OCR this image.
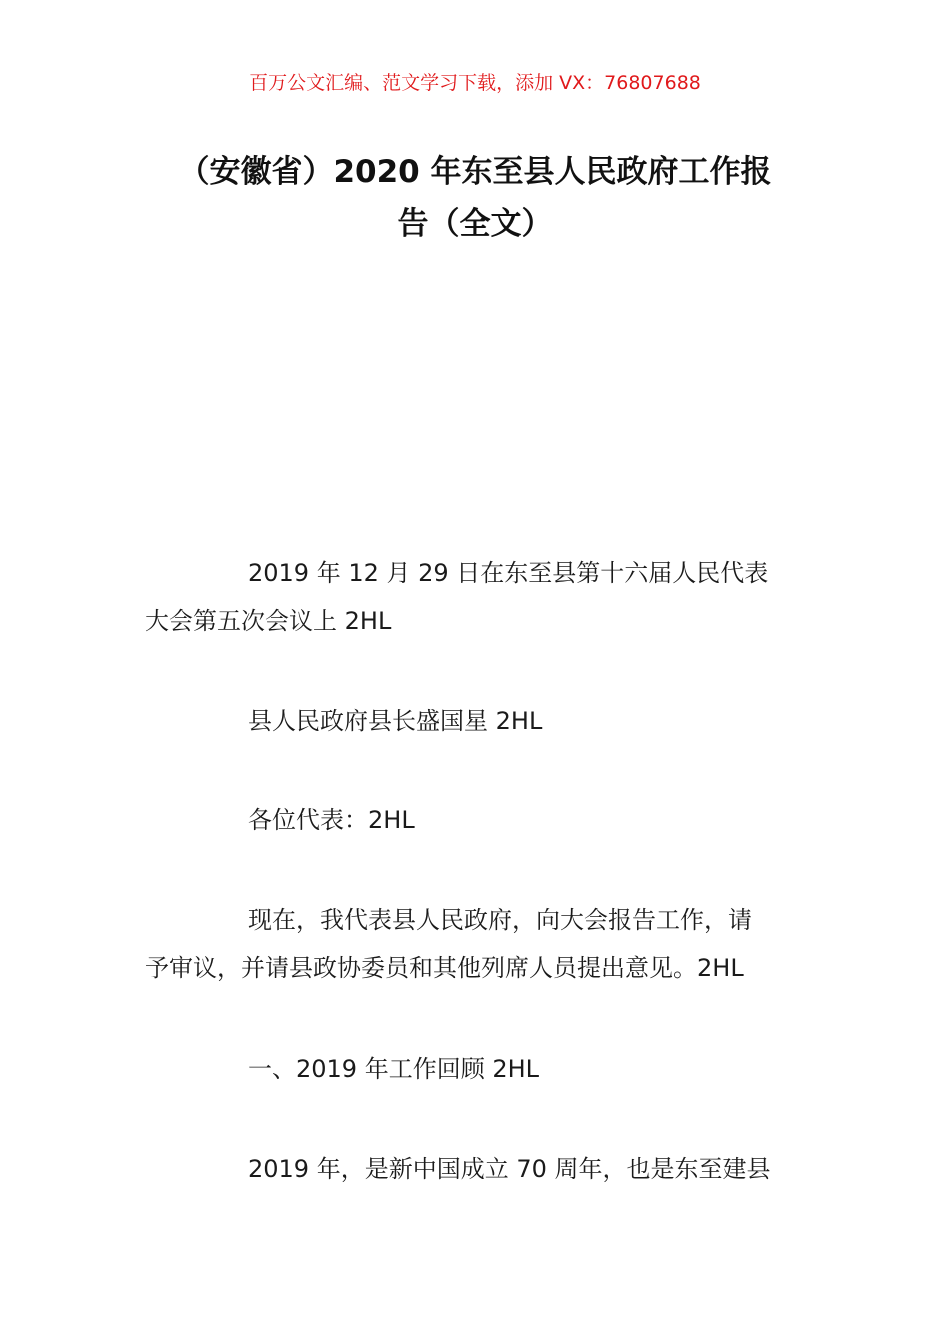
百万公文汇编、范文学习下载，添加 VX：76807688
（安徽省）2020 年东至县人民政府工作报
告（全文）
2019 年 12 月 29 日在东至县第十六届人民代表
大会第五次会议上 2HL
县人民政府县长盛国星 2HL
各位代表：2HL
现在，我代表县人民政府，向大会报告工作，请
予审议，并请县政协委员和其他列席人员提出意见。2HL
一、2019 年工作回顾 2HL
2019 年，是新中国成立 70 周年，也是东至建县
